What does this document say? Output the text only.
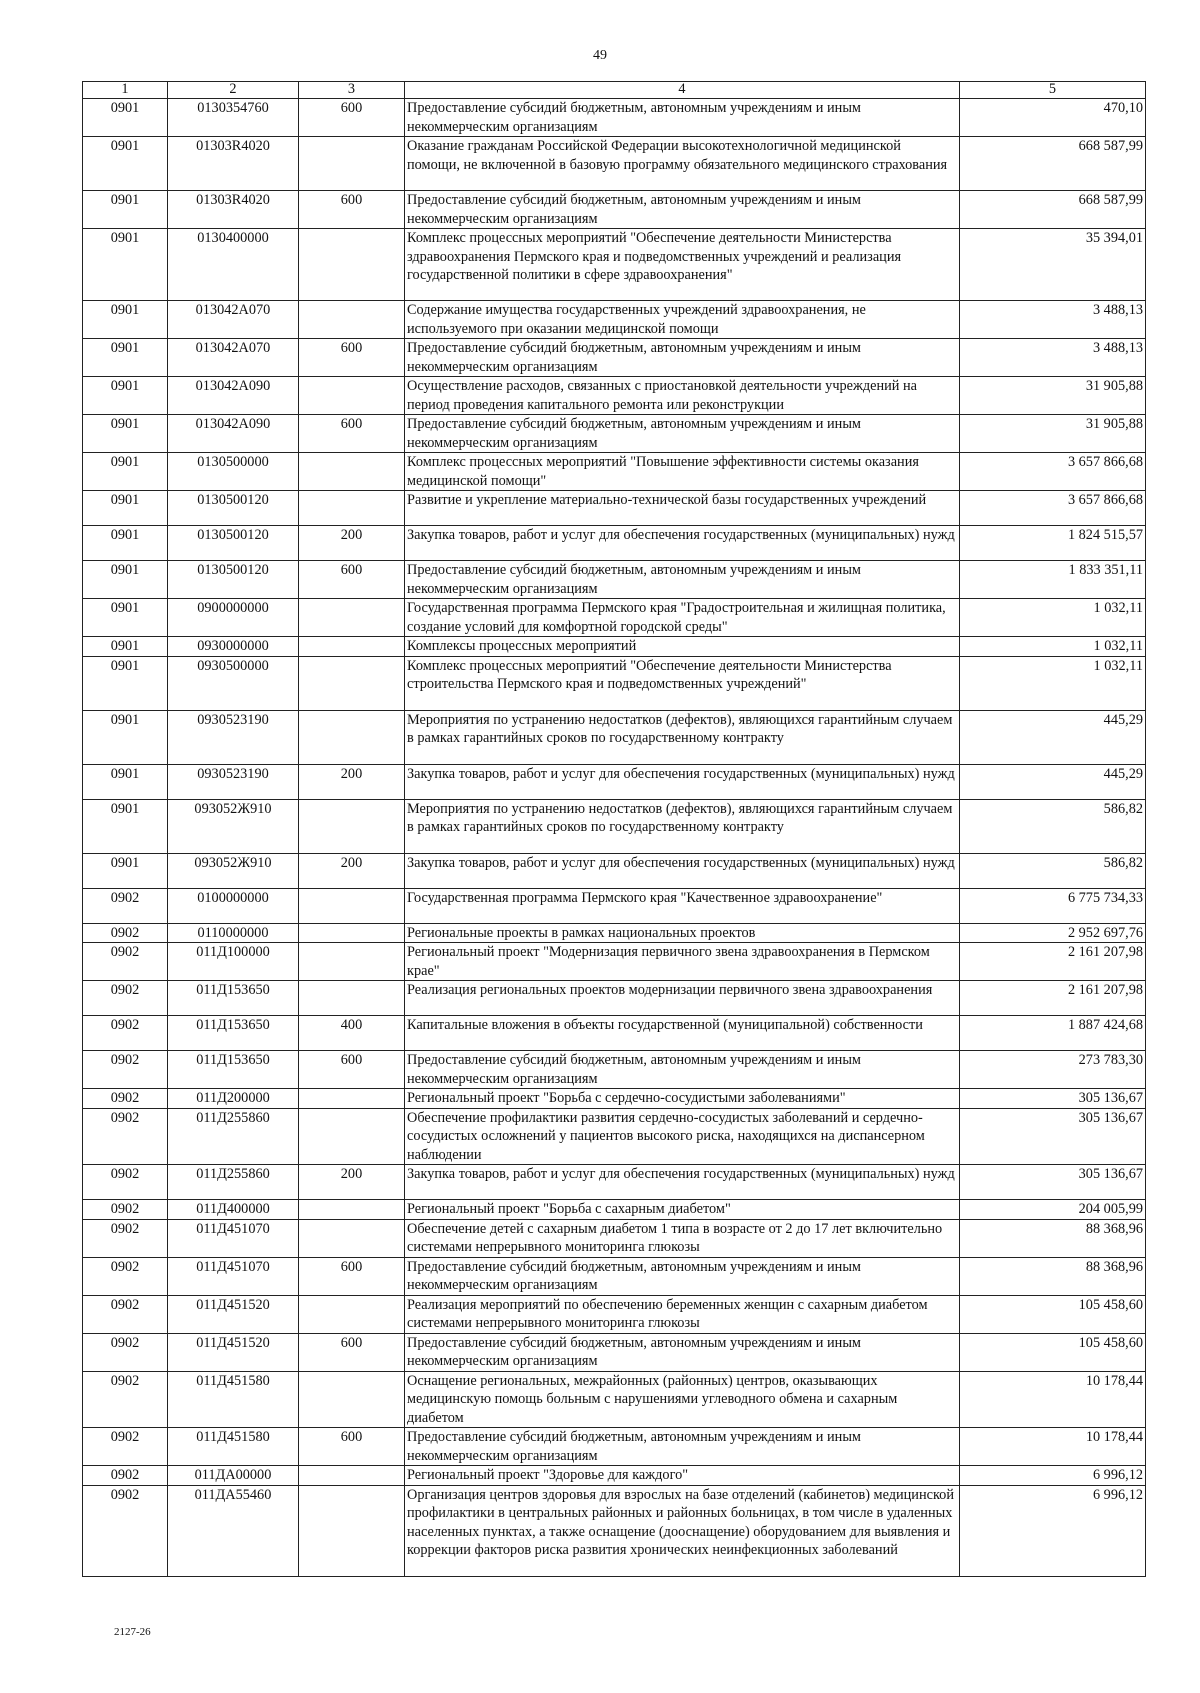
49
1	2	3	4	5
0901	0130354760	600	Предоставление субсидий бюджетным, автономным учреждениям и иным некоммерческим организациям	470,10
0901	01303R4020		Оказание гражданам Российской Федерации высокотехнологичной медицинской помощи, не включенной в базовую программу обязательного медицинского страхования	668 587,99
0901	01303R4020	600	Предоставление субсидий бюджетным, автономным учреждениям и иным некоммерческим организациям	668 587,99
0901	0130400000		Комплекс процессных мероприятий "Обеспечение деятельности Министерства здравоохранения Пермского края и подведомственных учреждений и реализация государственной политики в сфере здравоохранения"	35 394,01
0901	013042A070		Содержание имущества государственных учреждений здравоохранения, не используемого при оказании медицинской помощи	3 488,13
0901	013042A070	600	Предоставление субсидий бюджетным, автономным учреждениям и иным некоммерческим организациям	3 488,13
0901	013042A090		Осуществление расходов, связанных с приостановкой деятельности учреждений на период проведения капитального ремонта или реконструкции	31 905,88
0901	013042A090	600	Предоставление субсидий бюджетным, автономным учреждениям и иным некоммерческим организациям	31 905,88
0901	0130500000		Комплекс процессных мероприятий "Повышение эффективности системы оказания медицинской помощи"	3 657 866,68
0901	0130500120		Развитие и укрепление материально-технической базы государственных учреждений	3 657 866,68
0901	0130500120	200	Закупка товаров, работ и услуг для обеспечения государственных (муниципальных) нужд	1 824 515,57
0901	0130500120	600	Предоставление субсидий бюджетным, автономным учреждениям и иным некоммерческим организациям	1 833 351,11
0901	0900000000		Государственная программа Пермского края "Градостроительная и жилищная политика, создание условий для комфортной городской среды"	1 032,11
0901	0930000000		Комплексы процессных мероприятий	1 032,11
0901	0930500000		Комплекс процессных мероприятий "Обеспечение деятельности Министерства строительства Пермского края и подведомственных учреждений"	1 032,11
0901	0930523190		Мероприятия по устранению недостатков (дефектов), являющихся гарантийным случаем в рамках гарантийных сроков по государственному контракту	445,29
0901	0930523190	200	Закупка товаров, работ и услуг для обеспечения государственных (муниципальных) нужд	445,29
0901	093052Ж910		Мероприятия по устранению недостатков (дефектов), являющихся гарантийным случаем в рамках гарантийных сроков по государственному контракту	586,82
0901	093052Ж910	200	Закупка товаров, работ и услуг для обеспечения государственных (муниципальных) нужд	586,82
0902	0100000000		Государственная программа Пермского края "Качественное здравоохранение"	6 775 734,33
0902	0110000000		Региональные проекты в рамках национальных проектов	2 952 697,76
0902	011Д100000		Региональный проект "Модернизация первичного звена здравоохранения в Пермском крае"	2 161 207,98
0902	011Д153650		Реализация региональных проектов модернизации первичного звена здравоохранения	2 161 207,98
0902	011Д153650	400	Капитальные вложения в объекты государственной (муниципальной) собственности	1 887 424,68
0902	011Д153650	600	Предоставление субсидий бюджетным, автономным учреждениям и иным некоммерческим организациям	273 783,30
0902	011Д200000		Региональный проект "Борьба с сердечно-сосудистыми заболеваниями"	305 136,67
0902	011Д255860		Обеспечение профилактики развития сердечно-сосудистых заболеваний и сердечно-сосудистых осложнений у пациентов высокого риска, находящихся на диспансерном наблюдении	305 136,67
0902	011Д255860	200	Закупка товаров, работ и услуг для обеспечения государственных (муниципальных) нужд	305 136,67
0902	011Д400000		Региональный проект "Борьба с сахарным диабетом"	204 005,99
0902	011Д451070		Обеспечение детей с сахарным диабетом 1 типа в возрасте от 2 до 17 лет включительно системами непрерывного мониторинга глюкозы	88 368,96
0902	011Д451070	600	Предоставление субсидий бюджетным, автономным учреждениям и иным некоммерческим организациям	88 368,96
0902	011Д451520		Реализация мероприятий по обеспечению беременных женщин с сахарным диабетом системами непрерывного мониторинга глюкозы	105 458,60
0902	011Д451520	600	Предоставление субсидий бюджетным, автономным учреждениям и иным некоммерческим организациям	105 458,60
0902	011Д451580		Оснащение региональных, межрайонных (районных) центров, оказывающих медицинскую помощь больным с нарушениями углеводного обмена и сахарным диабетом	10 178,44
0902	011Д451580	600	Предоставление субсидий бюджетным, автономным учреждениям и иным некоммерческим организациям	10 178,44
0902	011ДА00000		Региональный проект "Здоровье для каждого"	6 996,12
0902	011ДА55460		Организация центров здоровья для взрослых на базе отделений (кабинетов) медицинской профилактики в центральных районных и районных больницах, в том числе в удаленных населенных пунктах, а также оснащение (дооснащение) оборудованием для выявления и коррекции факторов риска развития хронических неинфекционных заболеваний	6 996,12
2127-26
